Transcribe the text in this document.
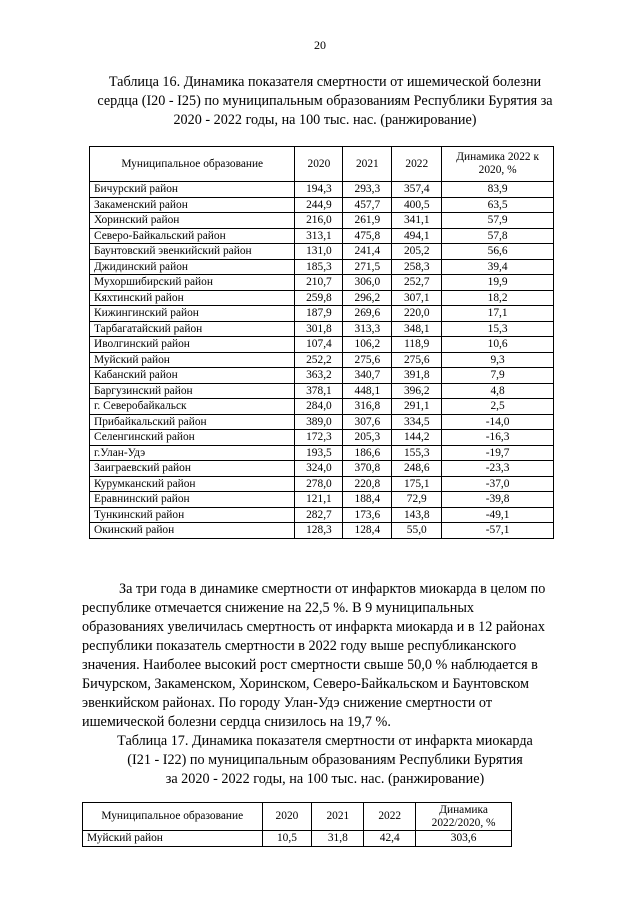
20
Таблица 16. Динамика показателя смертности от ишемической болезни
сердца (I20 - I25) по муниципальным образованиям Республики Бурятия за
2020 - 2022 годы, на 100 тыс. нас. (ранжирование)
Муниципальное образование	2020	2021	2022	Динамика 2022 к 2020, %
Бичурский район	194,3	293,3	357,4	83,9
Закаменский район	244,9	457,7	400,5	63,5
Хоринский район	216,0	261,9	341,1	57,9
Северо-Байкальский район	313,1	475,8	494,1	57,8
Баунтовский эвенкийский район	131,0	241,4	205,2	56,6
Джидинский район	185,3	271,5	258,3	39,4
Мухоршибирский район	210,7	306,0	252,7	19,9
Кяхтинский район	259,8	296,2	307,1	18,2
Кижингинский район	187,9	269,6	220,0	17,1
Тарбагатайский район	301,8	313,3	348,1	15,3
Иволгинский район	107,4	106,2	118,9	10,6
Муйский район	252,2	275,6	275,6	9,3
Кабанский район	363,2	340,7	391,8	7,9
Баргузинский район	378,1	448,1	396,2	4,8
г. Северобайкальск	284,0	316,8	291,1	2,5
Прибайкальский район	389,0	307,6	334,5	-14,0
Селенгинский район	172,3	205,3	144,2	-16,3
г.Улан-Удэ	193,5	186,6	155,3	-19,7
Заиграевский район	324,0	370,8	248,6	-23,3
Курумканский район	278,0	220,8	175,1	-37,0
Еравнинский район	121,1	188,4	72,9	-39,8
Тункинский район	282,7	173,6	143,8	-49,1
Окинский район	128,3	128,4	55,0	-57,1
За три года в динамике смертности от инфарктов миокарда в целом по
республике отмечается снижение на 22,5 %. В 9 муниципальных
образованиях увеличилась смертность от инфаркта миокарда и в 12 районах
республики показатель смертности в 2022 году выше республиканского
значения. Наиболее высокий рост смертности свыше 50,0 % наблюдается в
Бичурском, Закаменском, Хоринском, Северо-Байкальском и Баунтовском
эвенкийском районах. По городу Улан-Удэ снижение смертности от
ишемической болезни сердца снизилось на 19,7 %.
Таблица 17. Динамика показателя смертности от инфаркта миокарда
(I21 - I22) по муниципальным образованиям Республики Бурятия
за 2020 - 2022 годы, на 100 тыс. нас. (ранжирование)
Муниципальное образование	2020	2021	2022	Динамика 2022/2020, %
Муйский район	10,5	31,8	42,4	303,6
